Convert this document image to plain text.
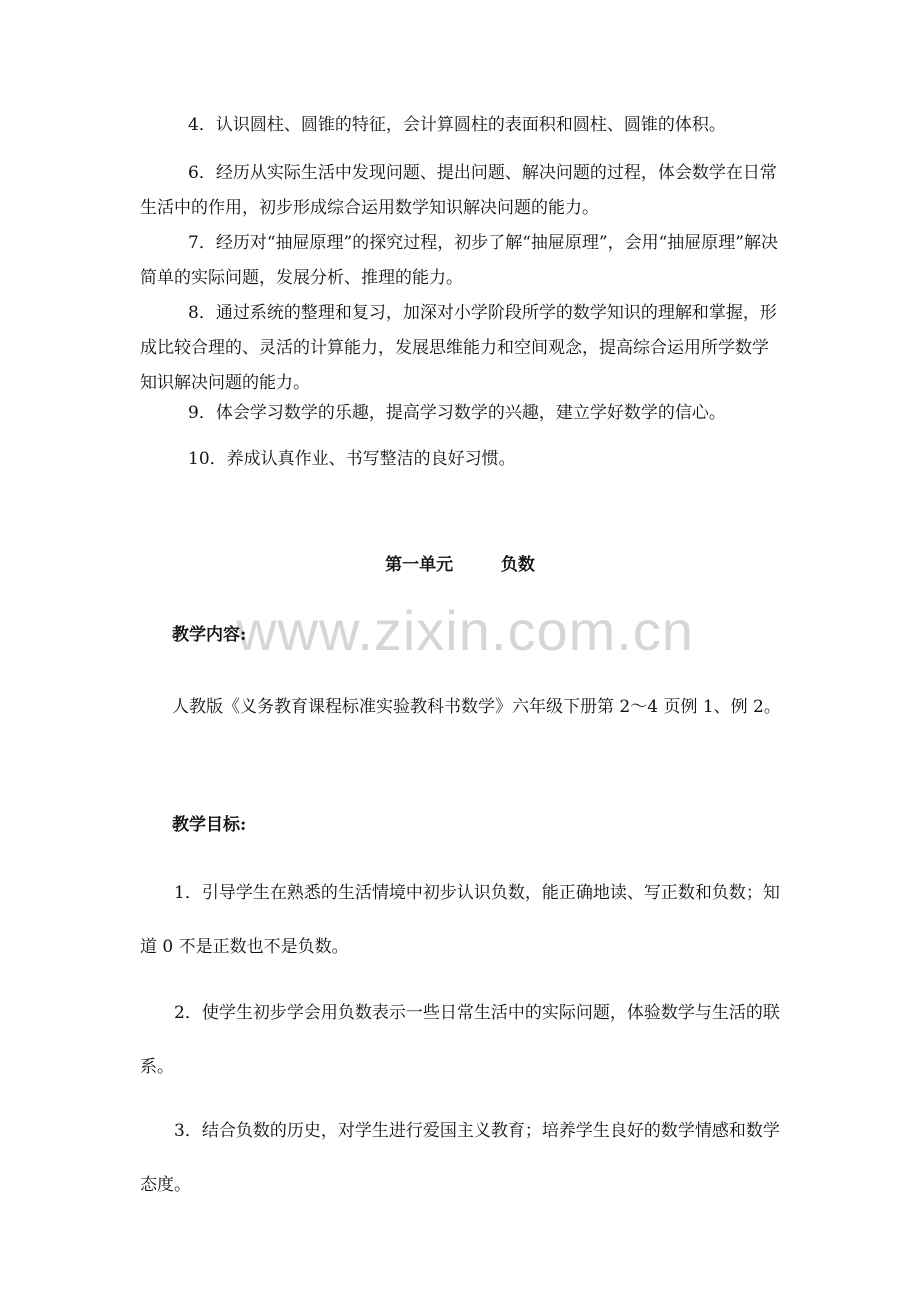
4．认识圆柱、圆锥的特征，会计算圆柱的表面积和圆柱、圆锥的体积。

6．经历从实际生活中发现问题、提出问题、解决问题的过程，体会数学在日常生活中的作用，初步形成综合运用数学知识解决问题的能力。

7．经历对“抽屉原理”的探究过程，初步了解“抽屉原理”，会用“抽屉原理”解决简单的实际问题，发展分析、推理的能力。

8．通过系统的整理和复习，加深对小学阶段所学的数学知识的理解和掌握，形成比较合理的、灵活的计算能力，发展思维能力和空间观念，提高综合运用所学数学知识解决问题的能力。

9．体会学习数学的乐趣，提高学习数学的兴趣，建立学好数学的信心。

10．养成认真作业、书写整洁的良好习惯。

第一单元	负数
www.zixin.com.cn

教学内容:

人教版《义务教育课程标准实验教科书数学》六年级下册第 2～4 页例 1、例 2。

教学目标:

1．引导学生在熟悉的生活情境中初步认识负数，能正确地读、写正数和负数；知道 0 不是正数也不是负数。

2．使学生初步学会用负数表示一些日常生活中的实际问题，体验数学与生活的联系。

3．结合负数的历史，对学生进行爱国主义教育；培养学生良好的数学情感和数学态度。
